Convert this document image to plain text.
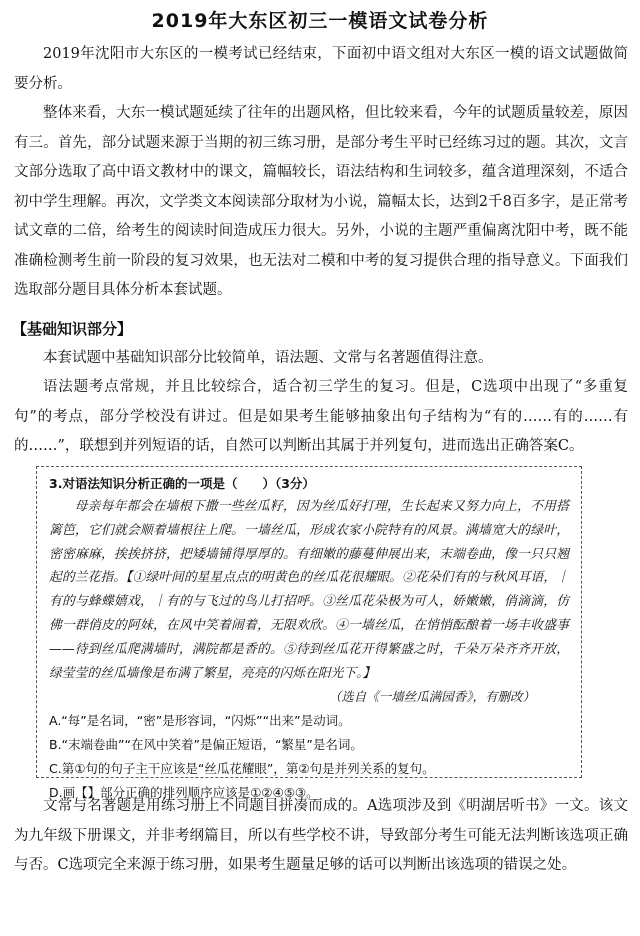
2019年大东区初三一模语文试卷分析

2019年沈阳市大东区的一模考试已经结束，下面初中语文组对大东区一模的语文试题做简要分析。

整体来看，大东一模试题延续了往年的出题风格，但比较来看，今年的试题质量较差，原因有三。首先，部分试题来源于当期的初三练习册，是部分考生平时已经练习过的题。其次，文言文部分选取了高中语文教材中的课文，篇幅较长，语法结构和生词较多，蕴含道理深刻，不适合初中学生理解。再次，文学类文本阅读部分取材为小说，篇幅太长，达到2千8百多字，是正常考试文章的二倍，给考生的阅读时间造成压力很大。另外，小说的主题严重偏离沈阳中考，既不能准确检测考生前一阶段的复习效果，也无法对二模和中考的复习提供合理的指导意义。下面我们选取部分题目具体分析本套试题。

【基础知识部分】

本套试题中基础知识部分比较简单，语法题、文常与名著题值得注意。

语法题考点常规，并且比较综合，适合初三学生的复习。但是，C选项中出现了“多重复句”的考点，部分学校没有讲过。但是如果考生能够抽象出句子结构为“有的……有的……有的……”，联想到并列短语的话，自然可以判断出其属于并列复句，进而选出正确答案C。

3.对语法知识分析正确的一项是（　　）（3分）

母亲每年都会在墙根下撒一些丝瓜籽，因为丝瓜好打理，生长起来又努力向上，不用搭篱笆，它们就会顺着墙根往上爬。一墙丝瓜，形成农家小院特有的风景。满墙宽大的绿叶，密密麻麻，挨挨挤挤，把矮墙铺得厚厚的。有细嫩的藤蔓伸展出来，末端卷曲，像一只只翘起的兰花指。【①绿叶间的星星点点的明黄色的丝瓜花很耀眼。②花朵们有的与秋风耳语，｜有的与蜂蝶嬉戏，｜有的与飞过的鸟儿打招呼。③丝瓜花朵极为可人，娇嫩嫩，俏滴滴，仿佛一群俏皮的阿妹，在风中笑着闹着，无限欢欣。④一墙丝瓜，在悄悄酝酿着一场丰收盛事——待到丝瓜爬满墙时，满院都是香的。⑤待到丝瓜花开得繁盛之时，千朵万朵齐齐开放，绿莹莹的丝瓜墙像是布满了繁星，亮亮的闪烁在阳光下。】

（选自《一墙丝瓜满园香》，有删改）

A.“每”是名词，“密”是形容词，“闪烁”“出来”是动词。

B.“末端卷曲”“在风中笑着”是偏正短语，“繁星”是名词。

C.第①句的句子主干应该是“丝瓜花耀眼”，第②句是并列关系的复句。

D.画【】部分正确的排列顺序应该是①②④⑤③。

文常与名著题是用练习册上不同题目拼凑而成的。A选项涉及到《明湖居听书》一文。该文为九年级下册课文，并非考纲篇目，所以有些学校不讲，导致部分考生可能无法判断该选项正确与否。C选项完全来源于练习册，如果考生题量足够的话可以判断出该选项的错误之处。
